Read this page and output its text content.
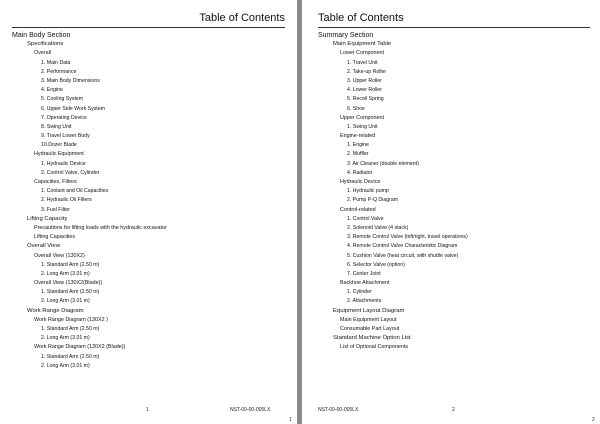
Table of Contents
Main Body Section
Specifications
Overall
1. Main Data
2. Performance
3. Main Body Dimensions
4. Engine
5. Cooling System
6. Upper Side Work System
7. Operating Device
8. Swing Unit
9. Travel Lower Body
10.Dozer Blade
Hydraulic Equipment
1. Hydraulic Device
2. Control Valve, Cylinder
Capacities, Filters
1. Coolant and Oil Capacities
2. Hydraulic Oil Filters
3. Fuel Filter
Lifting Capacity
Precautions for lifting loads with the hydraulic excavator
Lifting Capacities
Overall View
Overall View (130X2)
1. Standard Arm (2.50 m)
2. Long Arm (3.01 m)
Overall View (130X2(Blade))
1. Standard Arm (2.50 m)
2. Long Arm (3.01 m)
Work Range Diagram
Work Range Diagram (130X2 )
1. Standard Arm (2.50 m)
2. Long Arm (3.01 m)
Work Range Diagram (130X2 (Blade))
1. Standard Arm (2.50 m)
2. Long Arm (3.01 m)
1	NST-00-00-005LX
1
Table of Contents
Summary Section
Main Equipment Table
Lower Component
1. Travel Unit
2. Take-up Roller
3. Upper Roller
4. Lower Roller
5. Recoil Spring
6. Shoe
Upper Component
1. Swing Unit
Engine-related
1. Engine
2. Muffler
3. Air Cleaner (double element)
4. Radiator
Hydraulic Device
1. Hydraulic pump
2. Pump P-Q Diagram
Control-related
1. Control Valve
2. Solenoid Valve (4 stack)
3. Remote Control Valve (left/right, travel operations)
4. Remote Control Valve Characteristic Diagram
5. Cushion Valve (heat circuit, with shuttle valve)
6. Selector Valve (option)
7. Center Joint
Backhoe Attachment
1. Cylinder
2. Attachments
Equipment Layout Diagram
Main Equipment Layout
Consumable Part Layout
Standard Machine Option List
List of Optional Components
NST-00-00-005LX	2
2
